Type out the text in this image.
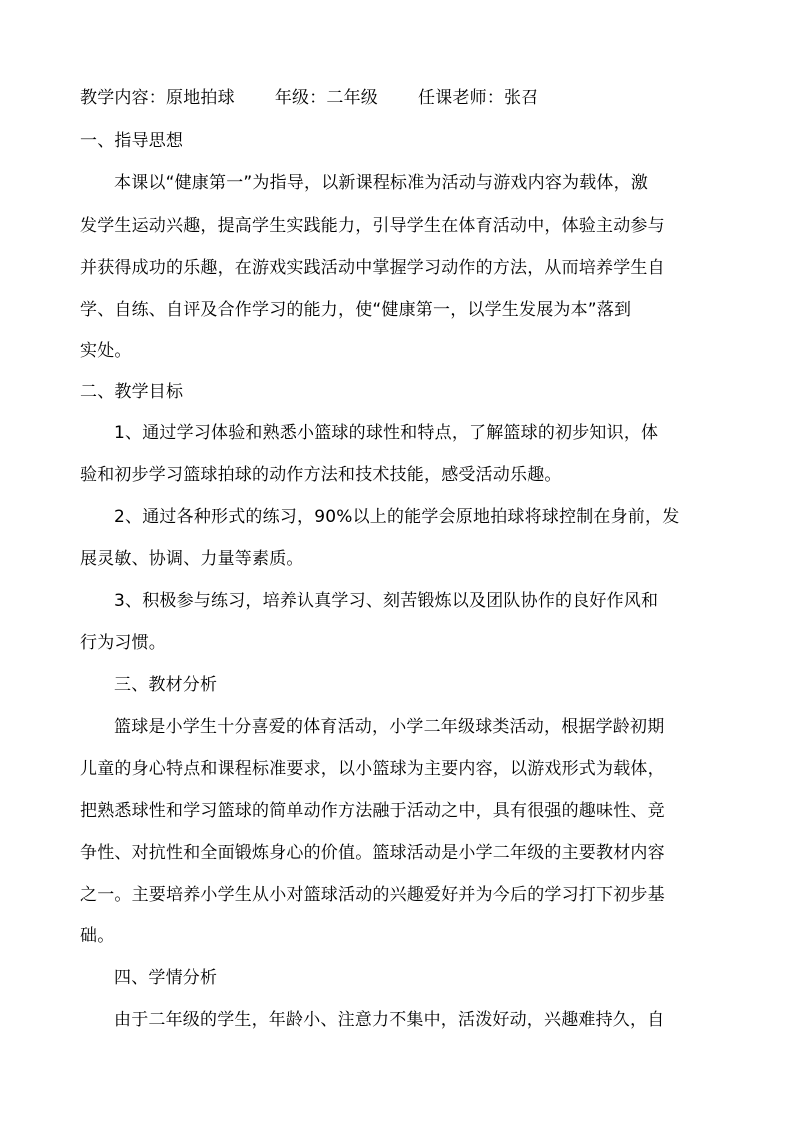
教学内容：原地拍球 年级：二年级 任课老师：张召
一、指导思想
本课以“健康第一”为指导，以新课程标准为活动与游戏内容为载体，激
发学生运动兴趣，提高学生实践能力，引导学生在体育活动中，体验主动参与
并获得成功的乐趣，在游戏实践活动中掌握学习动作的方法，从而培养学生自
学、自练、自评及合作学习的能力，使“健康第一，以学生发展为本”落到
实处。
二、教学目标
1、通过学习体验和熟悉小篮球的球性和特点，了解篮球的初步知识，体
验和初步学习篮球拍球的动作方法和技术技能，感受活动乐趣。
2、通过各种形式的练习，90%以上的能学会原地拍球将球控制在身前，发
展灵敏、协调、力量等素质。
3、积极参与练习，培养认真学习、刻苦锻炼以及团队协作的良好作风和
行为习惯。
三、教材分析
篮球是小学生十分喜爱的体育活动，小学二年级球类活动，根据学龄初期
儿童的身心特点和课程标准要求，以小篮球为主要内容，以游戏形式为载体，
把熟悉球性和学习篮球的简单动作方法融于活动之中，具有很强的趣味性、竞
争性、对抗性和全面锻炼身心的价值。篮球活动是小学二年级的主要教材内容
之一。主要培养小学生从小对篮球活动的兴趣爱好并为今后的学习打下初步基
础。
四、学情分析
由于二年级的学生，年龄小、注意力不集中，活泼好动，兴趣难持久，自
